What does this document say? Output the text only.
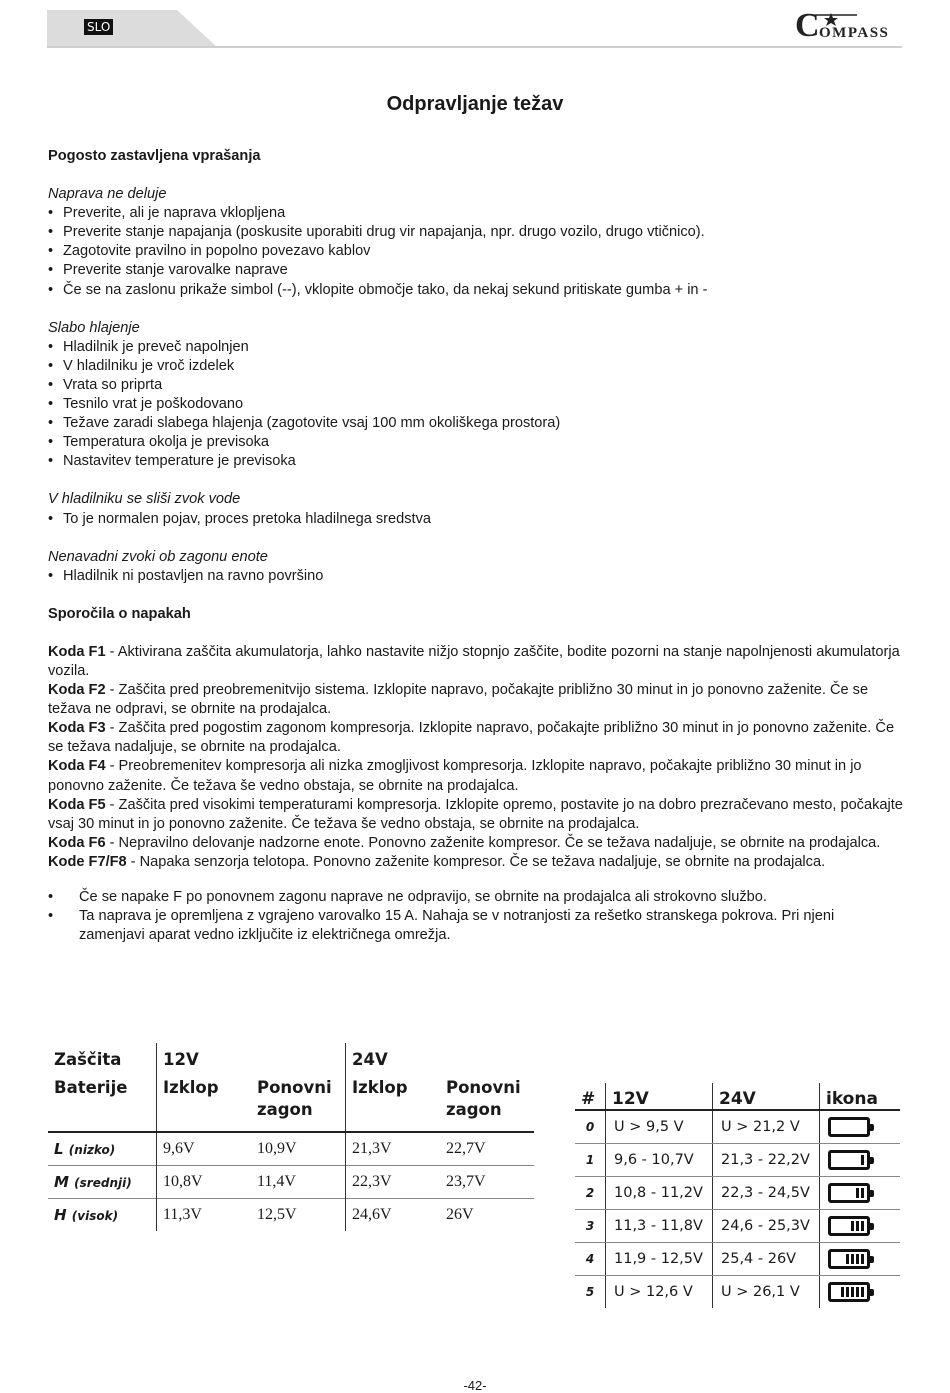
SLO	C OMPASS
Odpravljanje težav

Pogosto zastavljena vprašanja

Naprava ne deluje

• Preverite, ali je naprava vklopljena
• Preverite stanje napajanja (poskusite uporabiti drug vir napajanja, npr. drugo vozilo, drugo vtičnico).
• Zagotovite pravilno in popolno povezavo kablov
• Preverite stanje varovalke naprave
• Če se na zaslonu prikaže simbol (--), vklopite območje tako, da nekaj sekund pritiskate gumba + in -

Slabo hlajenje

• Hladilnik je preveč napolnjen
• V hladilniku je vroč izdelek
• Vrata so priprta
• Tesnilo vrat je poškodovano
• Težave zaradi slabega hlajenja (zagotovite vsaj 100 mm okoliškega prostora)
• Temperatura okolja je previsoka
• Nastavitev temperature je previsoka

V hladilniku se sliši zvok vode

• To je normalen pojav, proces pretoka hladilnega sredstva

Nenavadni zvoki ob zagonu enote

• Hladilnik ni postavljen na ravno površino

Sporočila o napakah

Koda F1 - Aktivirana zaščita akumulatorja, lahko nastavite nižjo stopnjo zaščite, bodite pozorni na stanje napolnjenosti akumulatorja vozila.

Koda F2 - Zaščita pred preobremenitvijo sistema. Izklopite napravo, počakajte približno 30 minut in jo ponovno zaženite. Če se težava ne odpravi, se obrnite na prodajalca.

Koda F3 - Zaščita pred pogostim zagonom kompresorja. Izklopite napravo, počakajte približno 30 minut in jo ponovno zaženite. Če se težava nadaljuje, se obrnite na prodajalca.

Koda F4 - Preobremenitev kompresorja ali nizka zmogljivost kompresorja. Izklopite napravo, počakajte približno 30 minut in jo ponovno zaženite. Če težava še vedno obstaja, se obrnite na prodajalca.

Koda F5 - Zaščita pred visokimi temperaturami kompresorja. Izklopite opremo, postavite jo na dobro prezračevano mesto, počakajte vsaj 30 minut in jo ponovno zaženite. Če težava še vedno obstaja, se obrnite na prodajalca.

Koda F6 - Nepravilno delovanje nadzorne enote. Ponovno zaženite kompresor. Če se težava nadaljuje, se obrnite na prodajalca.

Kode F7/F8 - Napaka senzorja telotopa. Ponovno zaženite kompresor. Če se težava nadaljuje, se obrnite na prodajalca.

• Če se napake F po ponovnem zagonu naprave ne odpravijo, se obrnite na prodajalca ali strokovno službo.
• Ta naprava je opremljena z vgrajeno varovalko 15 A. Nahaja se v notranjosti za rešetko stranskega pokrova. Pri njeni zamenjavi aparat vedno izključite iz električnega omrežja.
Zaščita	12V		24V	
Baterije	Izklop	Ponovni zagon	Izklop	Ponovni zagon
L (nizko)	9,6V	10,9V	21,3V	22,7V
M (srednji)	10,8V	11,4V	22,3V	23,7V
H (visok)	11,3V	12,5V	24,6V	26V
#	12V	24V	ikona
0	U > 9,5 V	U > 21,2 V	

1	9,6 - 10,7V	21,3 - 22,2V	

2	10,8 - 11,2V	22,3 - 24,5V	

3	11,3 - 11,8V	24,6 - 25,3V	

4	11,9 - 12,5V	25,4 - 26V	

5	U > 12,6 V	U > 26,1 V	
-42-
